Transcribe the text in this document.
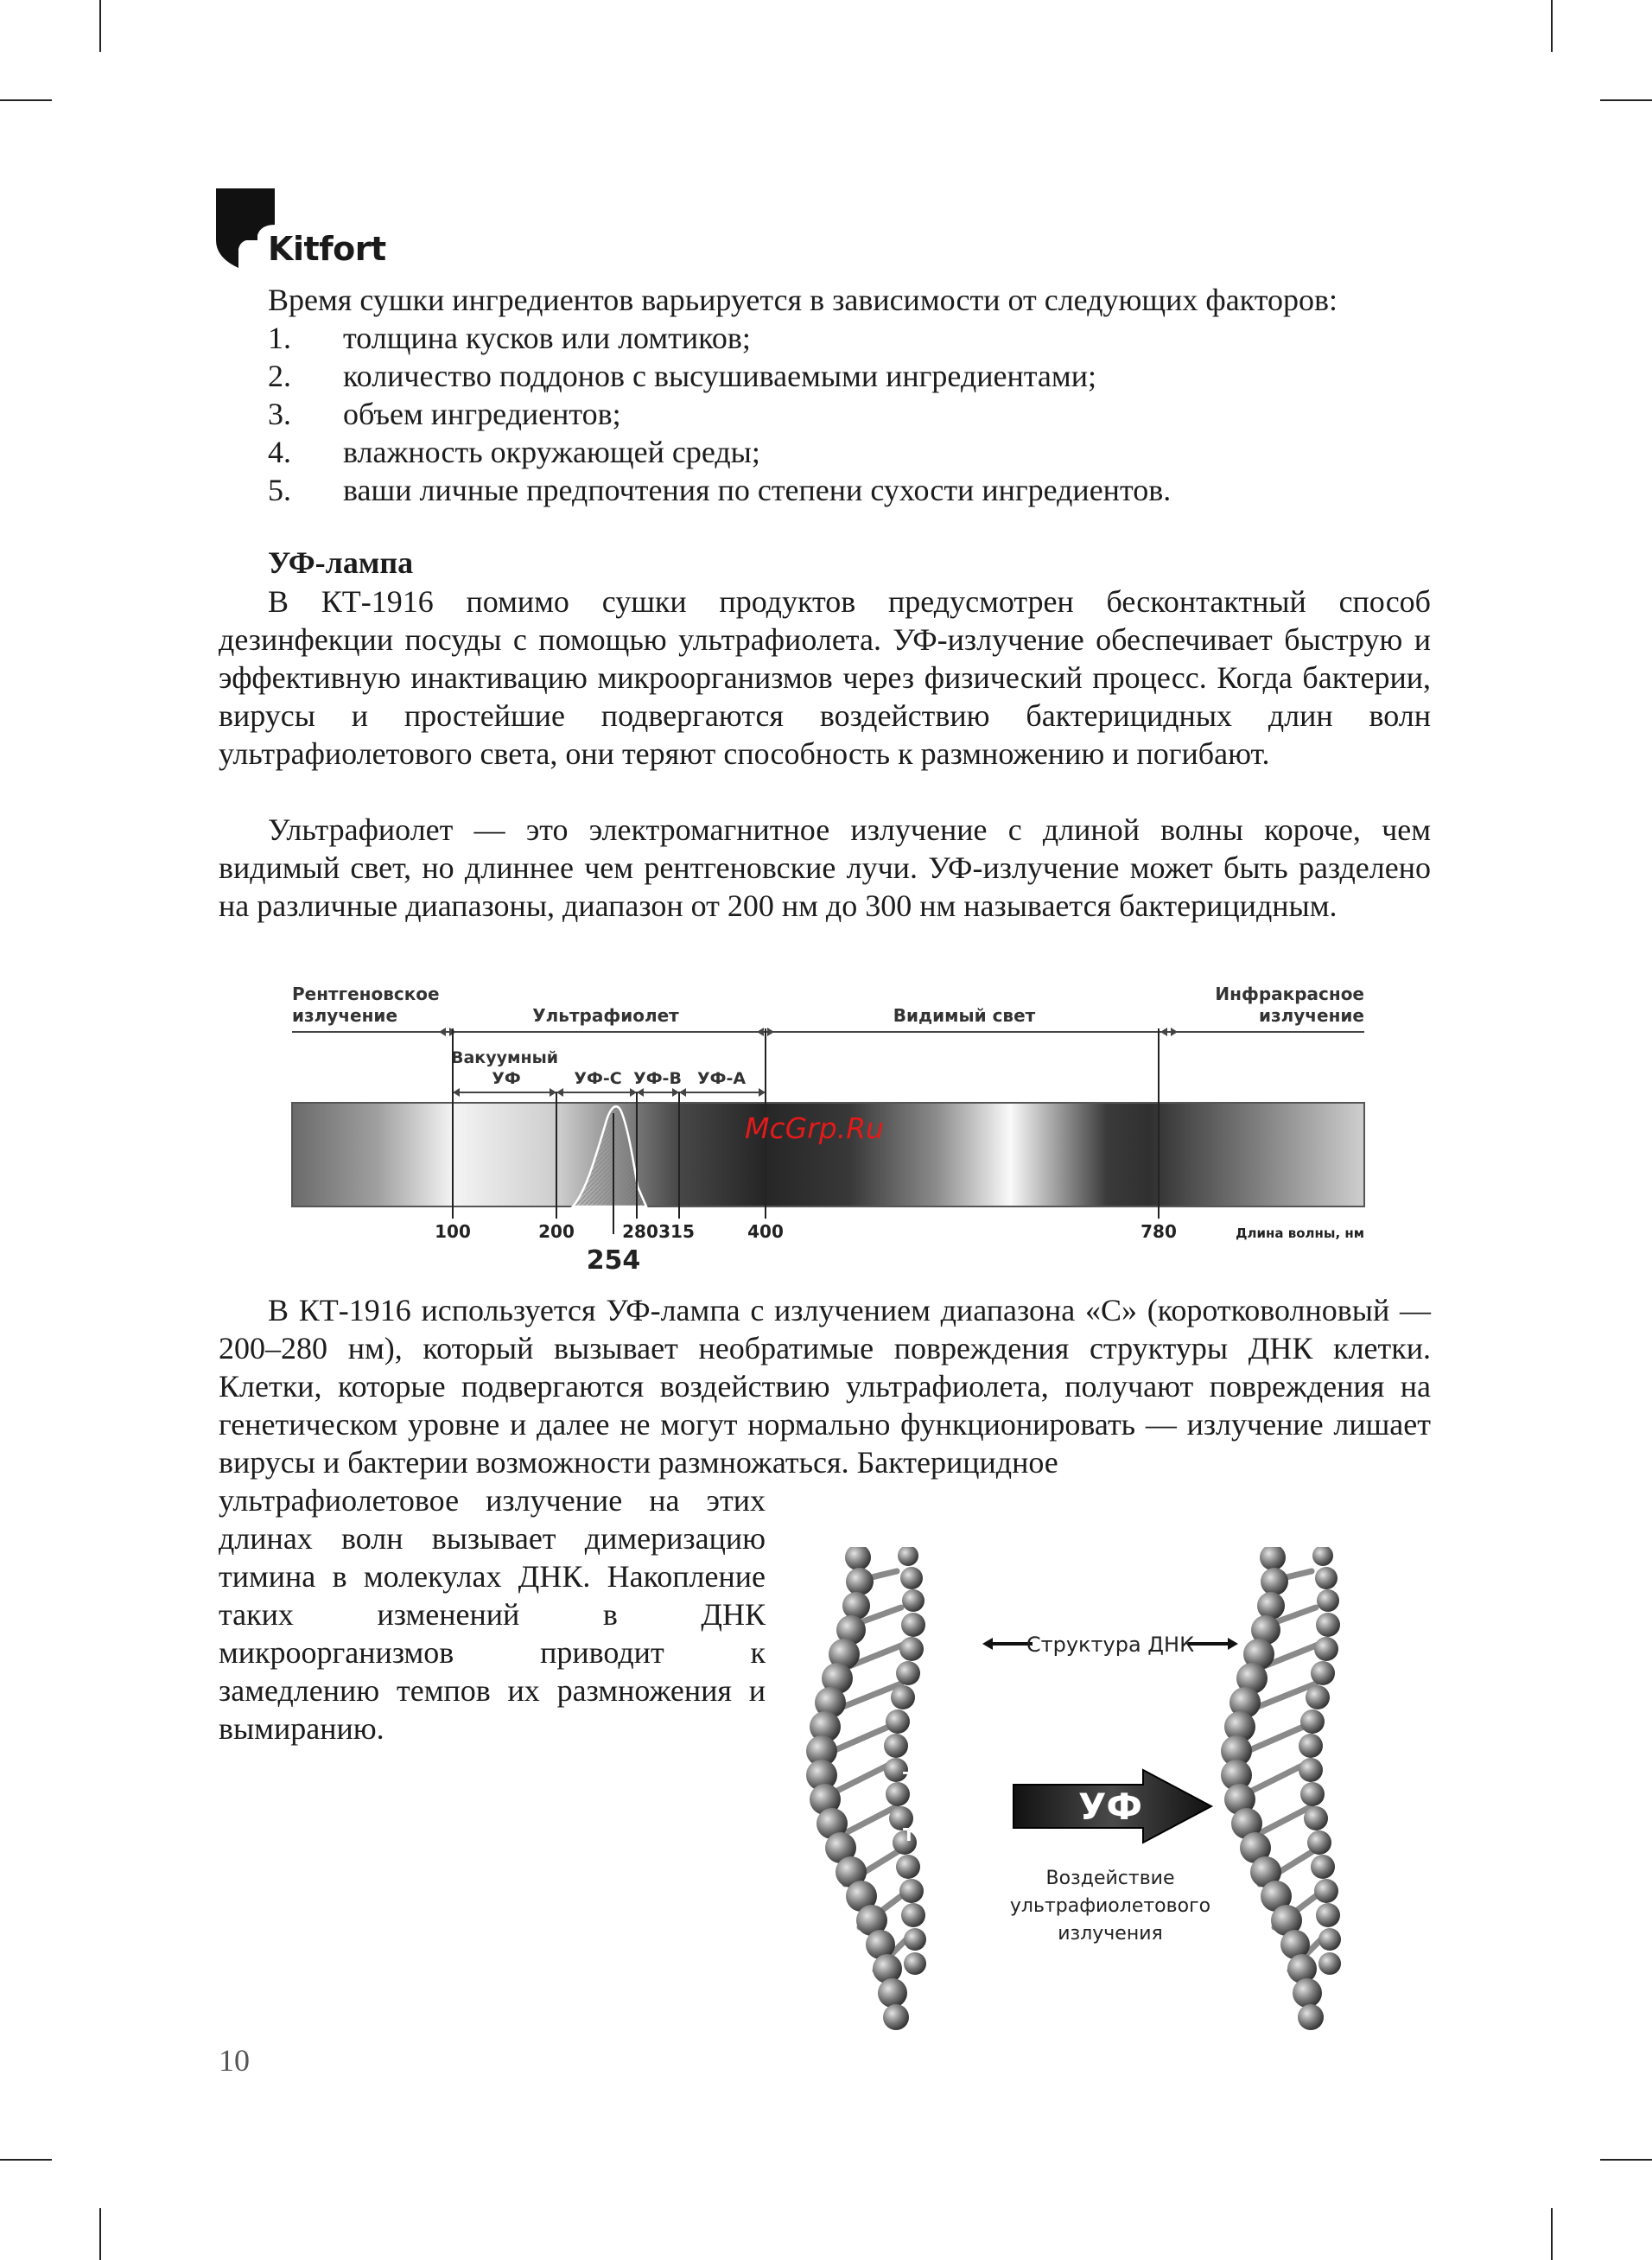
Kitfort
Время сушки ингредиентов варьируется в зависимости от следующих факторов:
1. толщина кусков или ломтиков;
2. количество поддонов с высушиваемыми ингредиентами;
3. объем ингредиентов;
4. влажность окружающей среды;
5. ваши личные предпочтения по степени сухости ингредиентов.
УФ-лампа
В КТ-1916 помимо сушки продуктов предусмотрен бесконтактный способ дезинфекции посуды с помощью ультрафиолета. УФ-излучение обеспечивает быструю и эффективную инактивацию микроорганизмов через физический процесс. Когда бактерии, вирусы и простейшие подвергаются воздействию бактерицидных длин волн ультрафиолетового света, они теряют способность к размножению и погибают.
Ультрафиолет — это электромагнитное излучение с длиной волны короче, чем видимый свет, но длиннее чем рентгеновские лучи. УФ-излучение может быть разделено на различные диапазоны, диапазон от 200 нм до 300 нм называется бактерицидным.
Рентгеновское
излучение	Ультрафиолет	Видимый свет
Инфракрасное
излучение
Вакуумный
УФ	УФ-С УФ-В УФ-А
100	200	280 315	400	780
254
Длина волны, нм
McGrp.Ru
В КТ-1916 используется УФ-лампа с излучением диапазона «С» (коротковолновый — 200–280 нм), который вызывает необратимые повреждения структуры ДНК клетки. Клетки, которые подвергаются воздействию ультрафиолета, получают повреждения на генетическом уровне и далее не могут нормально функционировать — излучение лишает вирусы и бактерии возможности размножаться. Бактерицидное
ультрафиолетовое излучение на этих длинах волн вызывает димеризацию тимина в молекулах ДНК. Накопление таких изменений в ДНК микроорганизмов приводит к замедлению темпов их размножения и вымиранию.
T
T
T
T
Структура ДНК
УФ
Воздействие
ультрафиолетового
излучения
10
